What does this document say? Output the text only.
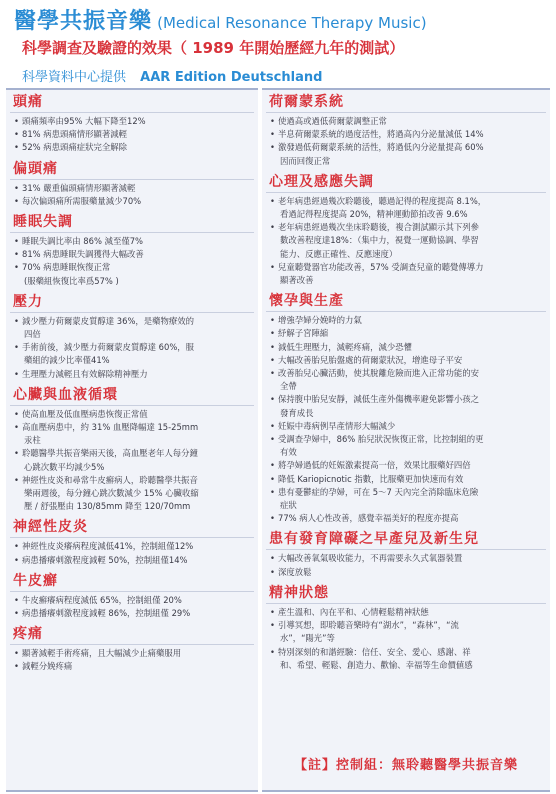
醫學共振音樂 (Medical Resonance Therapy Music)
科學調查及驗證的效果（ 1989 年開始歷經九年的測試）
科學資料中心提供 AAR Edition Deutschland
頭痛
• 頭痛頻率由95% 大幅下降至12%
• 81% 病患頭痛情形顯著減輕
• 52% 病患頭痛症狀完全解除
偏頭痛
• 31% 嚴重偏頭痛情形顯著減輕
• 每次偏頭痛所需服藥量減少70%
睡眠失調
• 睡眠失調比率由 86% 減至僅7%
• 81% 病患睡眠失調獲得大幅改善
• 70% 病患睡眠恢復正常
(服藥組恢復比率爲57% )
壓力
• 減少壓力荷爾蒙皮質醇達 36%，是藥物療效的
四倍
• 手術前後，減少壓力荷爾蒙皮質醇達 60%，服
藥組的減少比率僅41%
• 生理壓力減輕且有效解除精神壓力
心臟與血液循環
• 使高血壓及低血壓病患恢復正常值
• 高血壓病患中，約 31% 血壓降幅達 15-25mm
汞柱
• 聆聽醫學共振音樂兩天後，高血壓老年人每分鐘
心跳次數平均減少5%
• 神經性皮炎和尋常牛皮癬病人，聆聽醫學共振音
樂兩週後，每分鐘心跳次數減少 15% 心臟收縮
壓 / 舒張壓由 130/85mm 降至 120/70mm
神經性皮炎
• 神經性皮炎癢病程度減低41%，控制組僅12%
• 病患播癢刺激程度減輕 50%，控制組僅14%
牛皮癬
• 牛皮癬癢病程度減低 65%，控制組僅 20%
• 病患播癢刺激程度減輕 86%，控制組僅 29%
疼痛
• 顯著減輕手術疼痛，且大幅減少止痛藥服用
• 減輕分娩疼痛
荷爾蒙系統
• 使過高或過低荷爾蒙調整正常
• 半息荷爾蒙系統的過度活性，將過高內分泌量減低 14%
• 激發過低荷爾蒙系統的活性，將過低內分泌量提高 60%
因而回復正常
心理及感應失調
• 老年病患經過幾次聆聽後，聽過記得的程度提高 8.1%，
看過記得程度提高 20%，精神運動節拍改善 9.6%
• 老年病患經過幾次坐床聆聽後，複合測試顯示其下列參
數改善程度達18%：（集中力，視覺一運動協調、學習
能力、反應正確性、反應速度）
• 兒童聽覺器官功能改善，57% 受調查兒童的聽覺傳導力
顯著改善
懷孕與生產
• 增強孕婦分娩時的力氣
• 紓解子宮陣縮
• 減低生理壓力，減輕疼痛，減少恐懼
• 大幅改善胎兒胎盤處的荷爾蒙狀況，增進母子平安
• 改善胎兒心臟活動，使其脫離危險而進入正常功能的安
全帶
• 保持腹中胎兒安靜，減低生產外傷機率避免影響小孩之
發育成長
• 妊娠中毒病例早產情形大幅減少
• 受調查孕婦中，86% 胎兒狀況恢復正常，比控制組的更
有效
• 將孕婦過低的妊娠激素提高一倍，效果比服藥好四倍
• 降低 Kariopicnotic 指數，比服藥更加快速而有效
• 患有憂鬱症的孕婦，可在 5～7 天內完全消除臨床危險
症狀
• 77% 病人心性改善，感覺幸福美好的程度亦提高
患有發育障礙之早產兒及新生兒
• 大幅改善氧氣吸收能力，不再需要永久式氧器裝置
• 深度放鬆
精神狀態
• 產生溫和、內在平和、心情輕鬆精神狀態
• 引導冥想，即聆聽音樂時有“湖水”，“森林”，“流
水”，“陽光”等
• 特別深刻的和諧經驗：信任、安全、愛心、感謝、祥
和、希望、輕鬆、創造力、歡愉、幸福等生命價値感
【註】控制組：無聆聽醫學共振音樂
